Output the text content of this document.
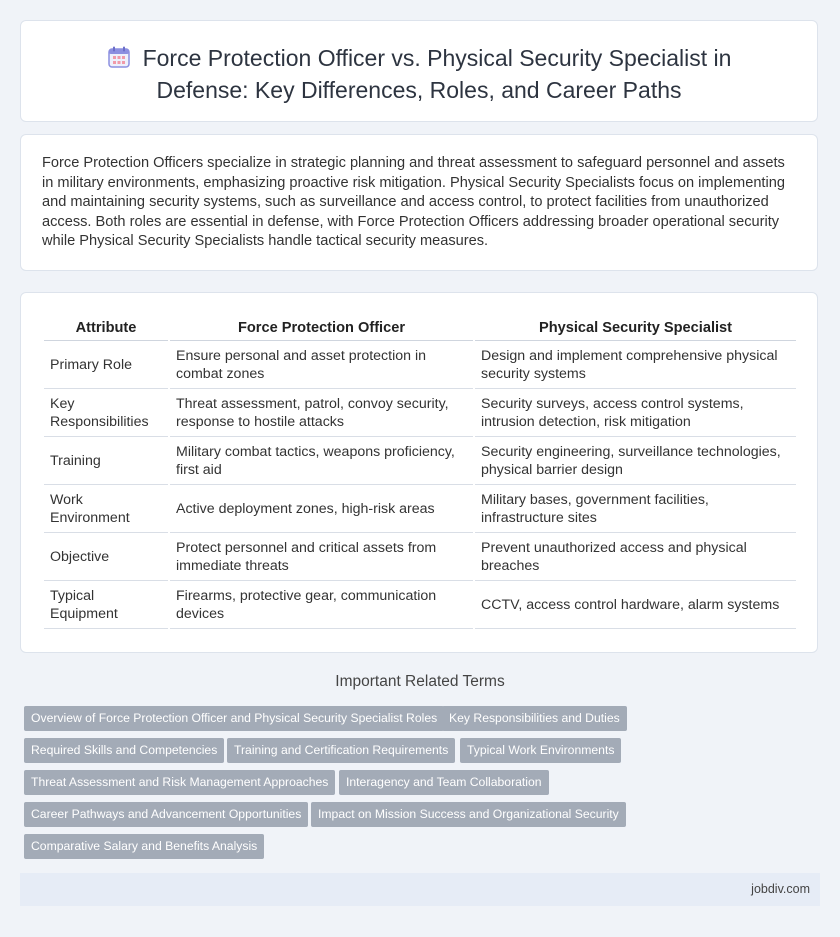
Force Protection Officer vs. Physical Security Specialist in
Defense: Key Differences, Roles, and Career Paths
Force Protection Officers specialize in strategic planning and threat assessment to safeguard personnel and assets in military environments, emphasizing proactive risk mitigation. Physical Security Specialists focus on implementing and maintaining security systems, such as surveillance and access control, to protect facilities from unauthorized access. Both roles are essential in defense, with Force Protection Officers addressing broader operational security while Physical Security Specialists handle tactical security measures.
Attribute	Force Protection Officer	Physical Security Specialist
Primary Role	Ensure personal and asset protection in combat zones	Design and implement comprehensive physical security systems
Key Responsibilities	Threat assessment, patrol, convoy security, response to hostile attacks	Security surveys, access control systems, intrusion detection, risk mitigation
Training	Military combat tactics, weapons proficiency, first aid	Security engineering, surveillance technologies, physical barrier design
Work Environment	Active deployment zones, high-risk areas	Military bases, government facilities, infrastructure sites
Objective	Protect personnel and critical assets from immediate threats	Prevent unauthorized access and physical breaches
Typical Equipment	Firearms, protective gear, communication devices	CCTV, access control hardware, alarm systems
Important Related Terms
Overview of Force Protection Officer and Physical Security Specialist Roles Key Responsibilities and Duties
Required Skills and Competencies	Training and Certification Requirements	Typical Work Environments
Threat Assessment and Risk Management Approaches	Interagency and Team Collaboration
Career Pathways and Advancement Opportunities	Impact on Mission Success and Organizational Security
Comparative Salary and Benefits Analysis
jobdiv.com
